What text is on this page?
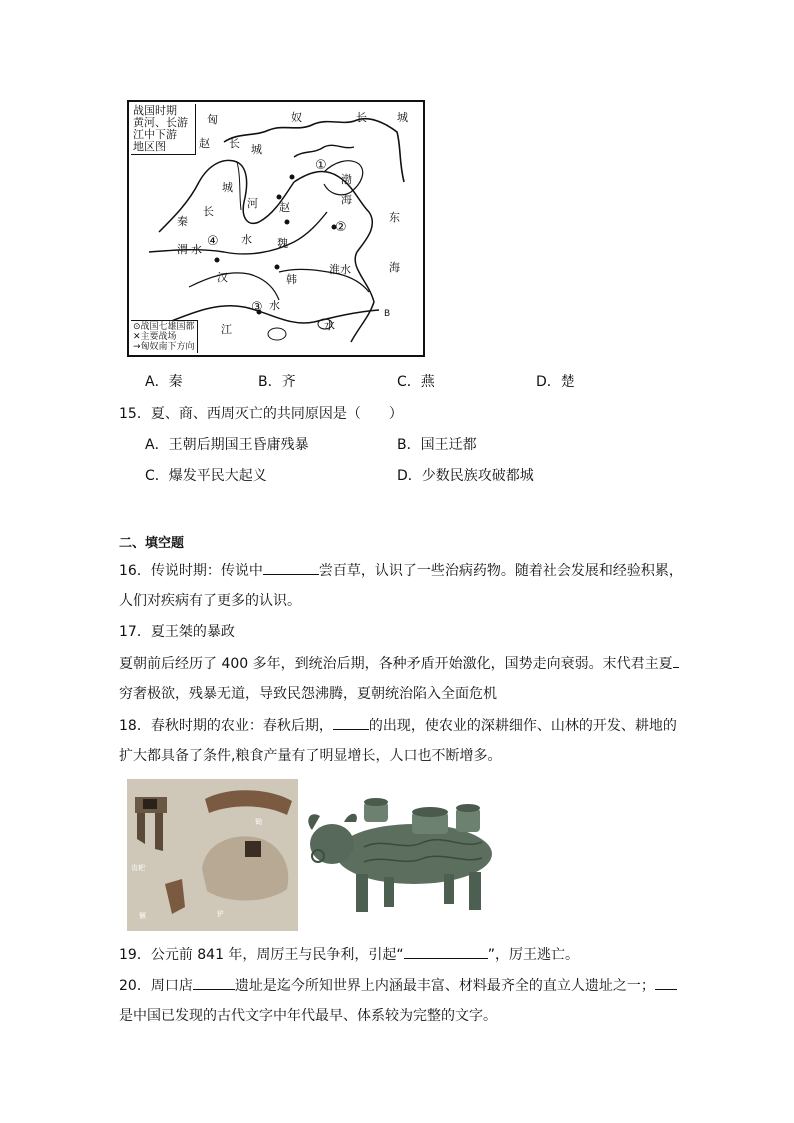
战国时期
黄河、长游
江中下游
地区图
匈	奴	长	城
赵 长 城
城
长
秦
河 赵
渤
海
东
海
渭 水
水 魏
韩
汉
水
淮水
江	水
①
②
③
④
B
⊙战国七雄国都
✕主要战场
→匈奴南下方向
A．秦	B．齐	C．燕	D．楚
15．夏、商、西周灭亡的共同原因是（　　）
A．王朝后期国王昏庸残暴	B．国王迁都
C．爆发平民大起义	D．少数民族攻破都城
二、填空题
16．传说时期：传说中	尝百草，认识了一些治病药物。随着社会发展和经验积累，
人们对疾病有了更多的认识。
17．夏王桀的暴政
夏朝前后经历了 400 多年，到统治后期，各种矛盾开始激化，国势走向衰弱。末代君主夏
穷奢极欲，残暴无道，导致民怨沸腾，夏朝统治陷入全面危机
18．春秋时期的农业：春秋后期，	的出现，使农业的深耕细作、山林的开发、耕地的
扩大都具备了条件,粮食产量有了明显增长，人口也不断增多。
齿耙
锄
铲
镢
19．公元前 841 年，周厉王与民争利，引起“	”，厉王逃亡。
20．周口店	遗址是迄今所知世界上内涵最丰富、材料最齐全的直立人遗址之一；
是中国已发现的古代文字中年代最早、体系较为完整的文字。
